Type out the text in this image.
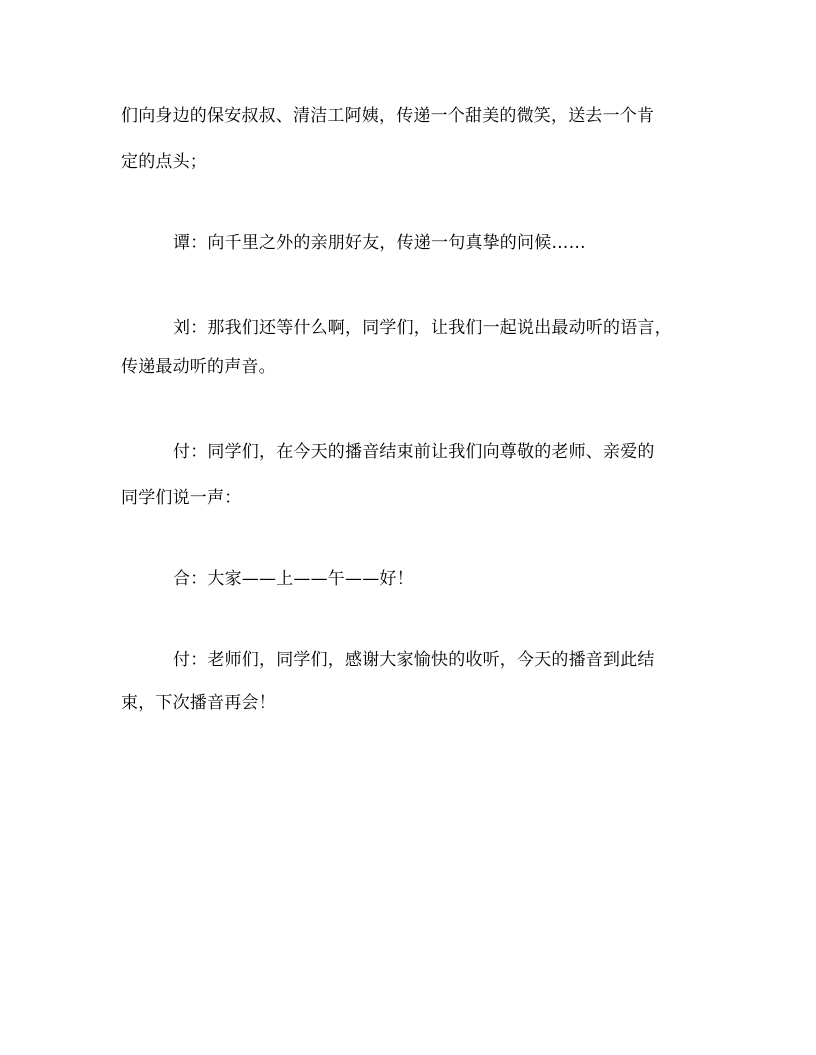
们向身边的保安叔叔、清洁工阿姨，传递一个甜美的微笑，送去一个肯
定的点头；
谭：向千里之外的亲朋好友，传递一句真挚的问候……
刘：那我们还等什么啊，同学们，让我们一起说出最动听的语言，
传递最动听的声音。
付：同学们，在今天的播音结束前让我们向尊敬的老师、亲爱的
同学们说一声：
合：大家——上——午——好！
付：老师们，同学们，感谢大家愉快的收听，今天的播音到此结
束，下次播音再会！
